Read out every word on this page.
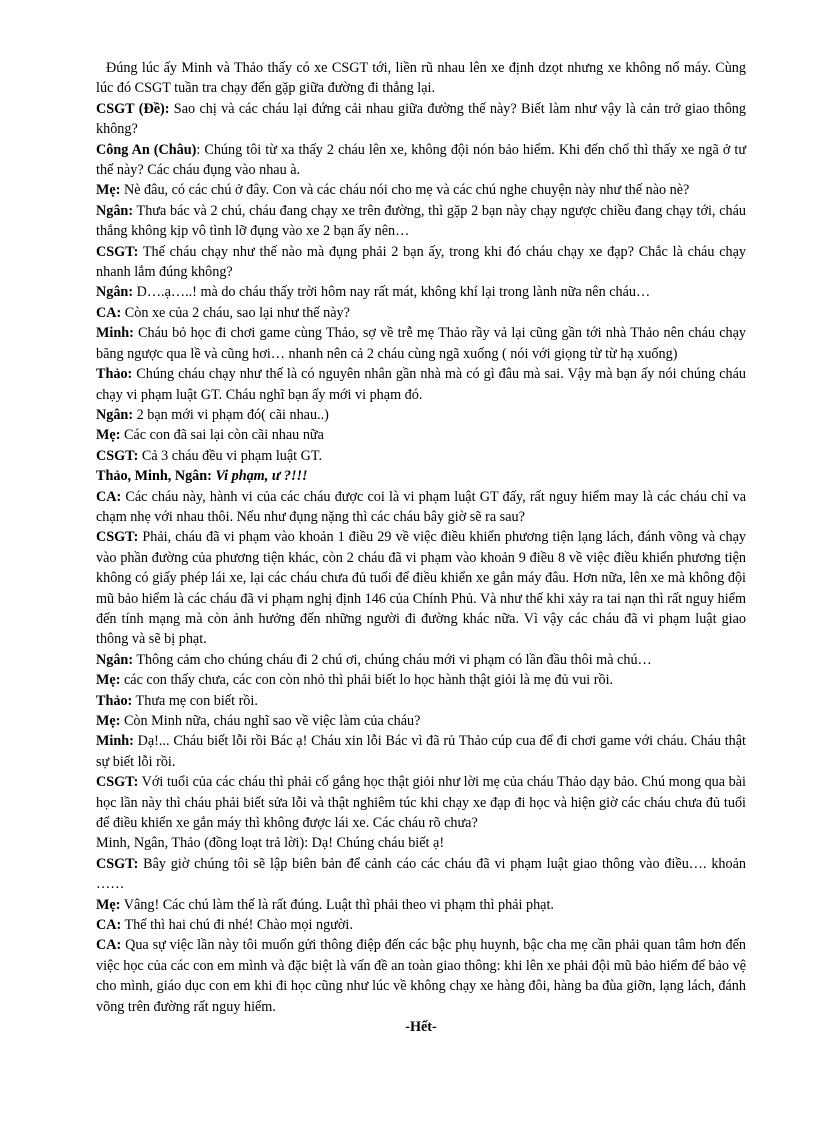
Đúng lúc ấy Minh và Thảo thấy có xe CSGT tới, liền rũ nhau lên xe định dzọt nhưng xe không nổ máy. Cùng lúc đó CSGT tuần tra chạy đến gặp giữa đường đi thẳng lại.

CSGT (Đề): Sao chị và các cháu lại đứng cải nhau giữa đường thế này? Biết làm như vậy là cản trở giao thông không?

Công An (Châu): Chúng tôi từ xa thấy 2 cháu lên xe, không đội nón bảo hiểm. Khi đến chổ thì thấy xe ngã ở tư thế này? Các cháu đụng vào nhau à.

Mẹ: Nè đâu, có các chú ở đây. Con và các cháu nói cho mẹ và các chú nghe chuyện này như thế nào nè?

Ngân: Thưa bác và 2 chú, cháu đang chạy xe trên đường, thì gặp 2 bạn này chạy ngược chiều đang chạy tới, cháu thắng không kịp vô tình lỡ đụng vào xe 2 bạn ấy nên…

CSGT: Thế cháu chạy như thế nào mà đụng phải 2 bạn ấy, trong khi đó cháu chạy xe đạp? Chắc là cháu chạy nhanh lắm đúng không?

Ngân: D….ạ…..! mà do cháu thấy trời hôm nay rất mát, không khí lại trong lành nữa nên cháu…

CA: Còn xe của 2 cháu, sao lại như thế này?

Minh: Cháu bỏ học đi chơi game cùng Thảo, sợ về trễ mẹ Thảo rầy vả lại cũng gần tới nhà Thảo nên cháu chạy băng ngược qua lề và cũng hơi… nhanh nên cả 2 cháu cùng ngã xuống ( nói với giọng từ từ hạ xuống)

Thảo: Chúng cháu chạy như thế là có nguyên nhân gần nhà mà có gì đâu mà sai. Vậy mà bạn ấy nói chúng cháu chạy vi phạm luật GT. Cháu nghĩ bạn ấy mới vi phạm đó.

Ngân: 2 bạn mới vi phạm đó( cãi nhau..)

Mẹ: Các con đã sai lại còn cãi nhau nữa

CSGT: Cả 3 cháu đều vi phạm luật GT.

Thảo, Minh, Ngân: Vi phạm, ư ?!!!

CA: Các cháu này, hành vi của các cháu được coi là vi phạm luật GT đấy, rất nguy hiểm may là các cháu chỉ va chạm nhẹ với nhau thôi. Nếu như đụng nặng thì các cháu bây giờ sẽ ra sau?

CSGT: Phải, cháu đã vi phạm vào khoản 1 điều 29 về việc điều khiển phương tiện lạng lách, đánh võng và chạy vào phần đường của phương tiện khác, còn 2 cháu đã vi phạm vào khoản 9 điều 8 về việc điều khiển phương tiện không có giấy phép lái xe, lại các cháu chưa đủ tuổi để điều khiển xe gắn máy đâu. Hơn nữa, lên xe mà không đội mũ bảo hiểm là các cháu đã vi phạm nghị định 146 của Chính Phủ. Và như thế khi xảy ra tai nạn thì rất nguy hiểm đến tính mạng mà còn ảnh hưởng đến những người đi đường khác nữa. Vì vậy các cháu đã vi phạm luật giao thông và sẽ bị phạt.

Ngân: Thông cảm cho chúng cháu đi 2 chú ơi, chúng cháu mới vi phạm có lần đầu thôi mà chú…

Mẹ: các con thấy chưa, các con còn nhỏ thì phải biết lo học hành thật giỏi là mẹ đủ vui rồi.

Thảo: Thưa mẹ con biết rồi.

Mẹ: Còn Minh nữa, cháu nghĩ sao về việc làm của cháu?

Minh: Dạ!... Cháu biết lỗi rồi Bác ạ! Cháu xin lỗi Bác vì đã rủ Thảo cúp cua để đi chơi game với cháu. Cháu thật sự biết lỗi rồi.

CSGT: Với tuổi của các cháu thì phải cố gắng học thật giỏi như lời mẹ của cháu Thảo dạy bảo. Chú mong qua bài học lần này thì cháu phải biết sửa lỗi và thật nghiêm túc khi chạy xe đạp đi học và hiện giờ các cháu chưa đủ tuổi để điều khiển xe gắn máy thì không được lái xe. Các cháu rõ chưa?

Minh, Ngân, Thảo (đồng loạt trả lời): Dạ! Chúng cháu biết ạ!

CSGT: Bây giờ chúng tôi sẽ lập biên bản để cảnh cáo các cháu đã vi phạm luật giao thông vào điều…. khoản ……

Mẹ: Vâng! Các chú làm thế là rất đúng. Luật thì phải theo vi phạm thì phải phạt.

CA: Thế thì hai chú đi nhé! Chào mọi người.

CA: Qua sự việc lần này tôi muốn gửi thông điệp đến các bậc phụ huynh, bậc cha mẹ cần phải quan tâm hơn đến việc học của các con em mình và đặc biệt là vấn đề an toàn giao thông: khi lên xe phải đội mũ bảo hiểm để bảo vệ cho mình, giáo dục con em khi đi học cũng như lúc về không chạy xe hàng đôi, hàng ba đùa giỡn, lạng lách, đánh võng trên đường rất nguy hiểm.

-Hết-
